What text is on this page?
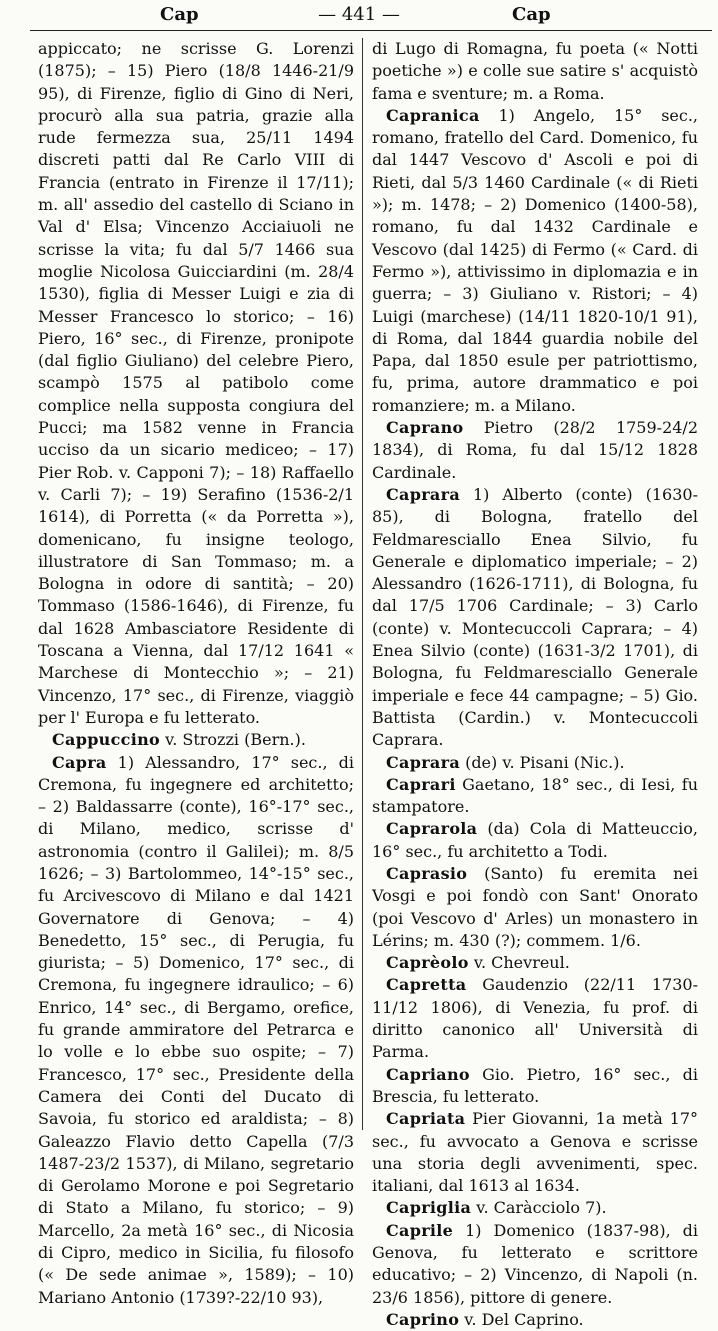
Cap	— 441 —	Cap

appiccato; ne scrisse G. Lorenzi (1875); – 15) Piero (18/8 1446-21/9 95), di Firenze, figlio di Gino di Neri, procurò alla sua patria, grazie alla rude fermezza sua, 25/11 1494 discreti patti dal Re Carlo VIII di Francia (entrato in Firenze il 17/11); m. all' assedio del castello di Sciano in Val d' Elsa; Vincenzo Acciaiuoli ne scrisse la vita; fu dal 5/7 1466 sua moglie Nicolosa Guicciardini (m. 28/4 1530), figlia di Messer Luigi e zia di Messer Francesco lo storico; – 16) Piero, 16° sec., di Firenze, pronipote (dal figlio Giuliano) del celebre Piero, scampò 1575 al patibolo come complice nella supposta congiura del Pucci; ma 1582 venne in Francia ucciso da un sicario mediceo; – 17) Pier Rob. v. Capponi 7); – 18) Raffaello v. Carli 7); – 19) Serafino (1536-2/1 1614), di Porretta (« da Porretta »), domenicano, fu insigne teologo, illustratore di San Tommaso; m. a Bologna in odore di santità; – 20) Tommaso (1586-1646), di Firenze, fu dal 1628 Ambasciatore Residente di Toscana a Vienna, dal 17/12 1641 « Marchese di Montecchio »; – 21) Vincenzo, 17° sec., di Firenze, viaggiò per l' Europa e fu letterato.

Cappuccino v. Strozzi (Bern.).

Capra 1) Alessandro, 17° sec., di Cremona, fu ingegnere ed architetto; – 2) Baldassarre (conte), 16°-17° sec., di Milano, medico, scrisse d' astronomia (contro il Galilei); m. 8/5 1626; – 3) Bartolommeo, 14°-15° sec., fu Arcivescovo di Milano e dal 1421 Governatore di Genova; – 4) Benedetto, 15° sec., di Perugia, fu giurista; – 5) Domenico, 17° sec., di Cremona, fu ingegnere idraulico; – 6) Enrico, 14° sec., di Bergamo, orefice, fu grande ammiratore del Petrarca e lo volle e lo ebbe suo ospite; – 7) Francesco, 17° sec., Presidente della Camera dei Conti del Ducato di Savoia, fu storico ed araldista; – 8) Galeazzo Flavio detto Capella (7/3 1487-23/2 1537), di Milano, segretario di Gerolamo Morone e poi Segretario di Stato a Milano, fu storico; – 9) Marcello, 2a metà 16° sec., di Nicosia di Cipro, medico in Sicilia, fu filosofo (« De sede animae », 1589); – 10) Mariano Antonio (1739?-22/10 93),

di Lugo di Romagna, fu poeta (« Notti poetiche ») e colle sue satire s' acquistò fama e sventure; m. a Roma.

Capranica 1) Angelo, 15° sec., romano, fratello del Card. Domenico, fu dal 1447 Vescovo d' Ascoli e poi di Rieti, dal 5/3 1460 Cardinale (« di Rieti »); m. 1478; – 2) Domenico (1400-58), romano, fu dal 1432 Cardinale e Vescovo (dal 1425) di Fermo (« Card. di Fermo »), attivissimo in diplomazia e in guerra; – 3) Giuliano v. Ristori; – 4) Luigi (marchese) (14/11 1820-10/1 91), di Roma, dal 1844 guardia nobile del Papa, dal 1850 esule per patriottismo, fu, prima, autore drammatico e poi romanziere; m. a Milano.

Caprano Pietro (28/2 1759-24/2 1834), di Roma, fu dal 15/12 1828 Cardinale.

Caprara 1) Alberto (conte) (1630-85), di Bologna, fratello del Feldmaresciallo Enea Silvio, fu Generale e diplomatico imperiale; – 2) Alessandro (1626-1711), di Bologna, fu dal 17/5 1706 Cardinale; – 3) Carlo (conte) v. Montecuccoli Caprara; – 4) Enea Silvio (conte) (1631-3/2 1701), di Bologna, fu Feldmaresciallo Generale imperiale e fece 44 campagne; – 5) Gio. Battista (Cardin.) v. Montecuccoli Caprara.

Caprara (de) v. Pisani (Nic.).

Caprari Gaetano, 18° sec., di Iesi, fu stampatore.

Caprarola (da) Cola di Matteuccio, 16° sec., fu architetto a Todi.

Caprasio (Santo) fu eremita nei Vosgi e poi fondò con Sant' Onorato (poi Vescovo d' Arles) un monastero in Lérins; m. 430 (?); commem. 1/6.

Caprèolo v. Chevreul.

Capretta Gaudenzio (22/11 1730-11/12 1806), di Venezia, fu prof. di diritto canonico all' Università di Parma.

Capriano Gio. Pietro, 16° sec., di Brescia, fu letterato.

Capriata Pier Giovanni, 1a metà 17° sec., fu avvocato a Genova e scrisse una storia degli avvenimenti, spec. italiani, dal 1613 al 1634.

Capriglia v. Caràcciolo 7).

Caprile 1) Domenico (1837-98), di Genova, fu letterato e scrittore educativo; – 2) Vincenzo, di Napoli (n. 23/6 1856), pittore di genere.

Caprino v. Del Caprino.
